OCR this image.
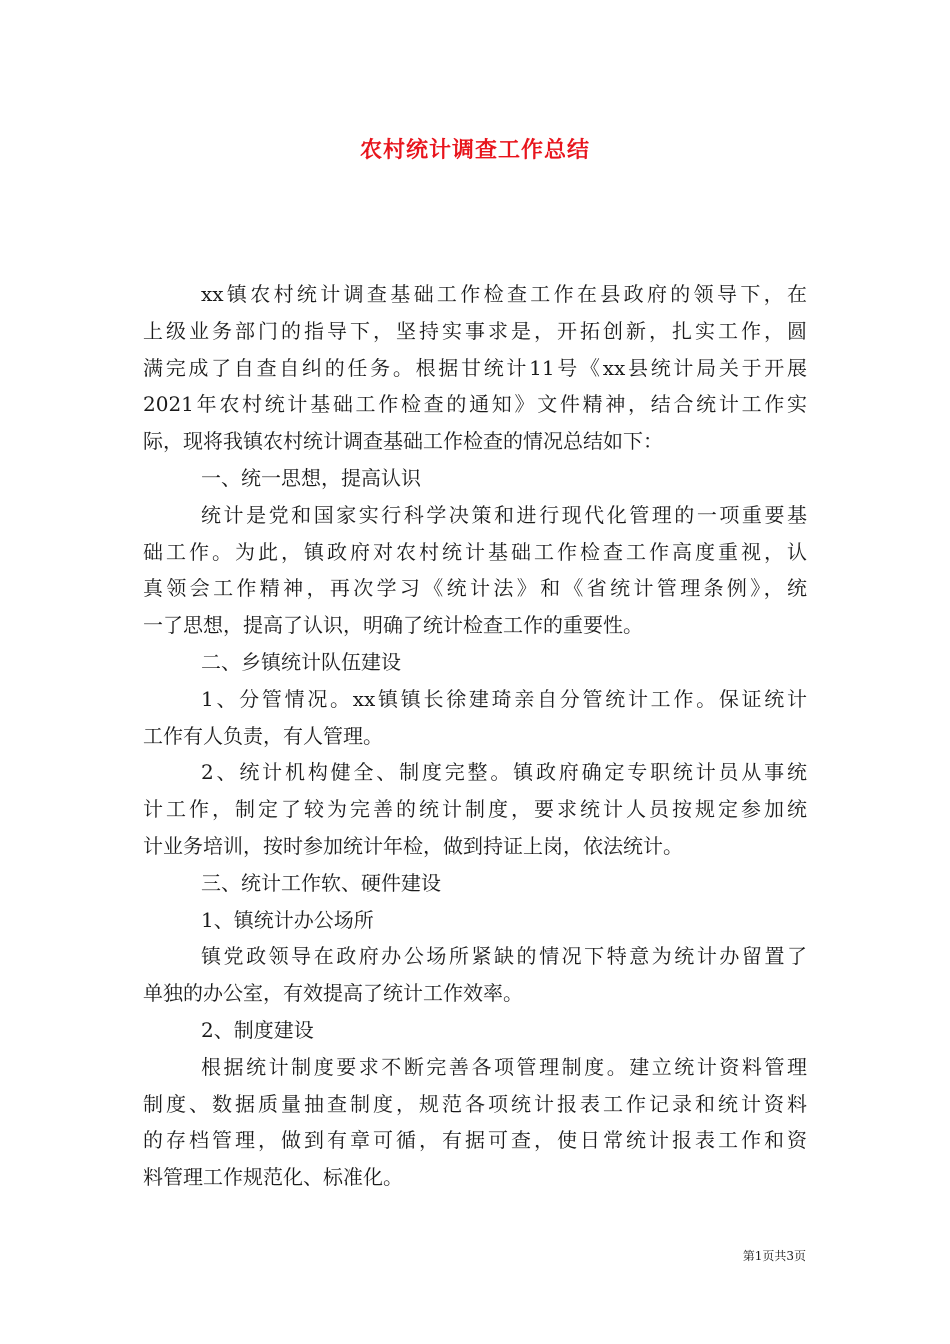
农村统计调查工作总结
xx镇农村统计调查基础工作检查工作在县政府的领导下，在
上级业务部门的指导下，坚持实事求是，开拓创新，扎实工作，圆
满完成了自查自纠的任务。根据甘统计11号《xx县统计局关于开展
2021年农村统计基础工作检查的通知》文件精神，结合统计工作实
际，现将我镇农村统计调查基础工作检查的情况总结如下：
一、统一思想，提高认识
统计是党和国家实行科学决策和进行现代化管理的一项重要基
础工作。为此，镇政府对农村统计基础工作检查工作高度重视，认
真领会工作精神，再次学习《统计法》和《省统计管理条例》，统
一了思想，提高了认识，明确了统计检查工作的重要性。
二、乡镇统计队伍建设
1、分管情况。xx镇镇长徐建琦亲自分管统计工作。保证统计
工作有人负责，有人管理。
2、统计机构健全、制度完整。镇政府确定专职统计员从事统
计工作，制定了较为完善的统计制度，要求统计人员按规定参加统
计业务培训，按时参加统计年检，做到持证上岗，依法统计。
三、统计工作软、硬件建设
1、镇统计办公场所
镇党政领导在政府办公场所紧缺的情况下特意为统计办留置了
单独的办公室，有效提高了统计工作效率。
2、制度建设
根据统计制度要求不断完善各项管理制度。建立统计资料管理
制度、数据质量抽查制度，规范各项统计报表工作记录和统计资料
的存档管理，做到有章可循，有据可查，使日常统计报表工作和资
料管理工作规范化、标准化。
第1页共3页
